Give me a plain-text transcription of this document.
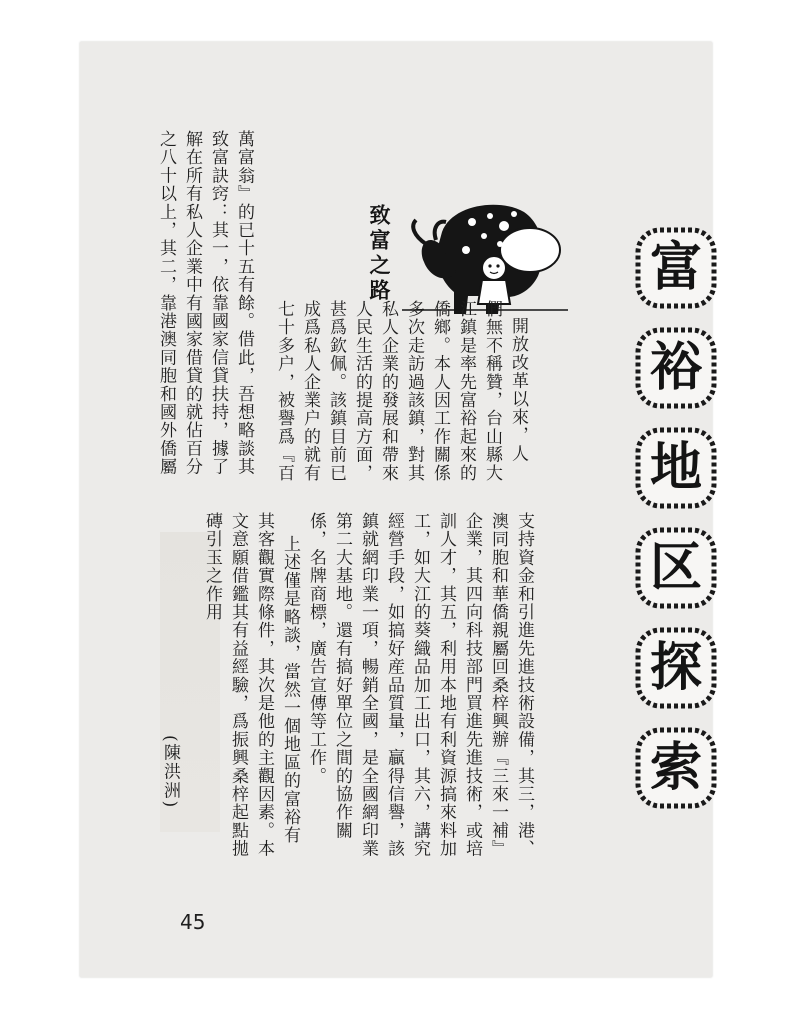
致富之路	富
裕
地
区
探
索
開放改革以來，人
們無不稱贊，台山縣大
江鎮是率先富裕起來的
僑鄉。本人因工作關係
多次走訪過該鎮，對其
私人企業的發展和帶來
人民生活的提高方面，
甚爲欽佩。該鎮目前已
成爲私人企業户的就有
七十多户，被譽爲『百
萬富翁』的已十五有餘。借此，吾想略談其
致富訣窍：其一，依靠國家信貸扶持，據了
解在所有私人企業中有國家借貸的就佔百分
之八十以上，其二，靠港澳同胞和國外僑屬
支持資金和引進先進技術設備，其三，港、
澳同胞和華僑親屬回桑梓興辦『三來一補』
企業，其四向科技部門買進先進技術，或培
訓人才，其五，利用本地有利資源搞來料加
工，如大江的葵織品加工出口，其六，講究
經營手段，如搞好産品質量，贏得信譽，該
鎮就網印業一項，暢銷全國，是全國網印業
第二大基地。還有搞好單位之間的協作關
係，名牌商標，廣告宣傳等工作。
上述僅是略談，當然一個地區的富裕有
其客觀實際條件，其次是他的主觀因素。本
文意願借鑑其有益經驗，爲振興桑梓起點拋
磚引玉之作用
(陳洪洲)
45
